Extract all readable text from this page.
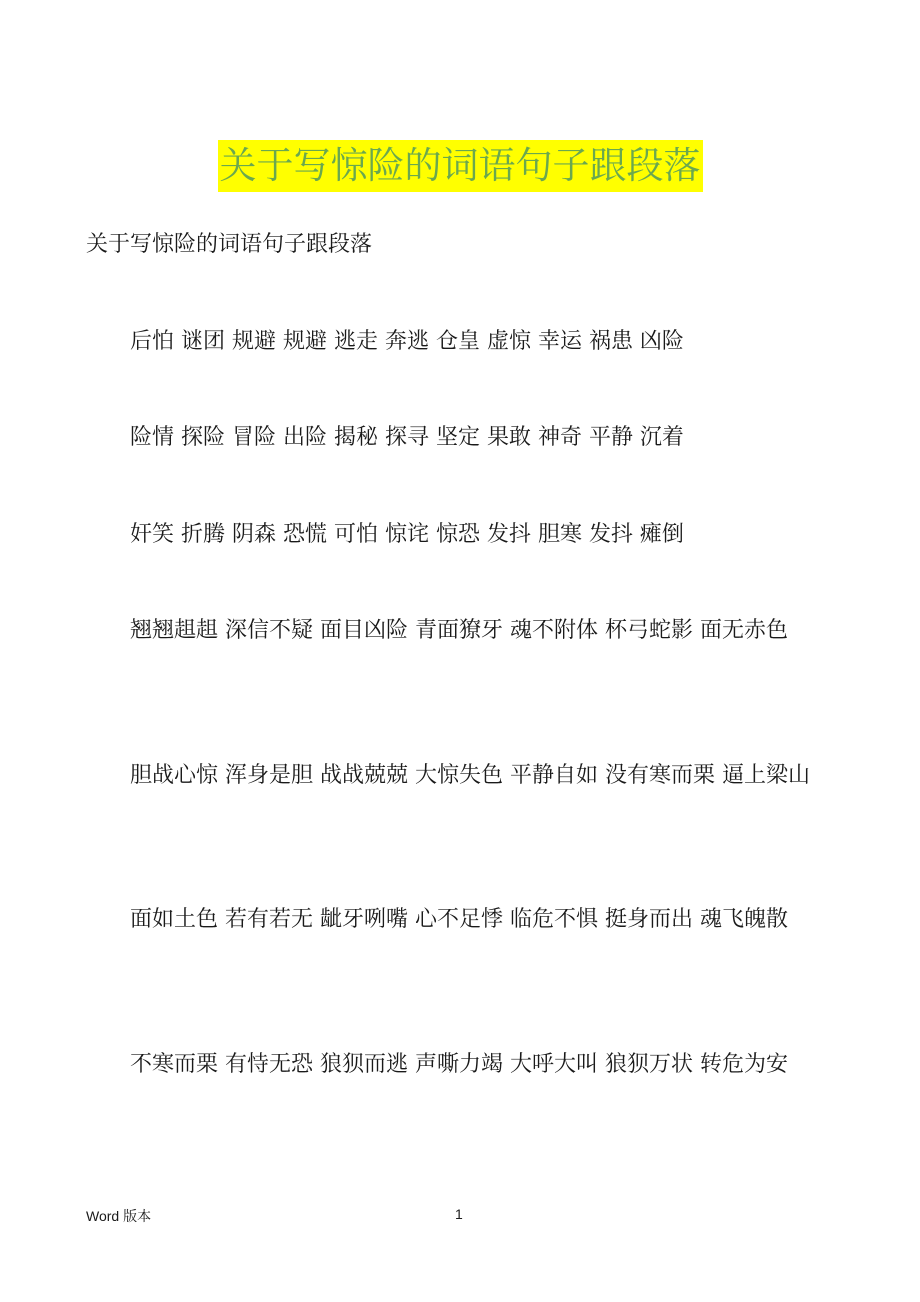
关于写惊险的词语句子跟段落
关于写惊险的词语句子跟段落
后怕 谜团 规避 规避 逃走 奔逃 仓皇 虚惊 幸运 祸患 凶险
险情 探险 冒险 出险 揭秘 探寻 坚定 果敢 神奇 平静 沉着
奸笑 折腾 阴森 恐慌 可怕 惊诧 惊恐 发抖 胆寒 发抖 瘫倒
翘翘趄趄 深信不疑 面目凶险 青面獠牙 魂不附体 杯弓蛇影 面无赤色
胆战心惊 浑身是胆 战战兢兢 大惊失色 平静自如 没有寒而栗 逼上梁山
面如土色 若有若无 龇牙咧嘴 心不足悸 临危不惧 挺身而出 魂飞魄散
不寒而栗 有恃无恐 狼狈而逃 声嘶力竭 大呼大叫 狼狈万状 转危为安
Word 版本	1
